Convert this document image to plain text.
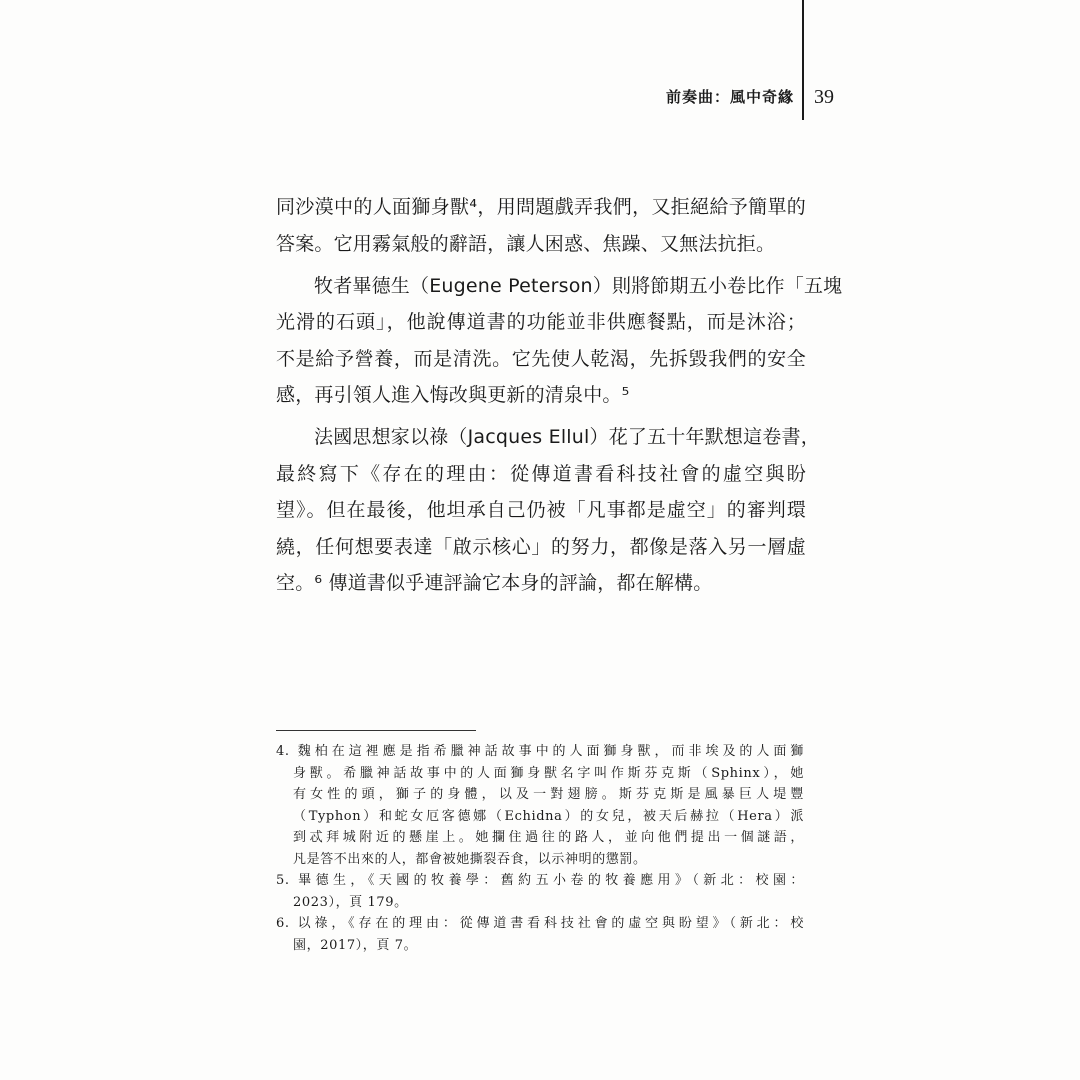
前奏曲：風中奇緣 39
同沙漠中的人面獅身獸⁴，用問題戲弄我們，又拒絕給予簡單的
答案。它用霧氣般的辭語，讓人困惑、焦躁、又無法抗拒。
牧者畢德生（Eugene Peterson）則將節期五小卷比作「五塊
光滑的石頭」，他說傳道書的功能並非供應餐點，而是沐浴；
不是給予營養，而是清洗。它先使人乾渴，先拆毀我們的安全
感，再引領人進入悔改與更新的清泉中。⁵
法國思想家以祿（Jacques Ellul）花了五十年默想這卷書，
最終寫下《存在的理由：從傳道書看科技社會的虛空與盼
望》。但在最後，他坦承自己仍被「凡事都是虛空」的審判環
繞，任何想要表達「啟示核心」的努力，都像是落入另一層虛
空。⁶ 傳道書似乎連評論它本身的評論，都在解構。
4. 魏柏在這裡應是指希臘神話故事中的人面獅身獸，而非埃及的人面獅
身獸。希臘神話故事中的人面獅身獸名字叫作斯芬克斯（Sphinx），她
有女性的頭，獅子的身體，以及一對翅膀。斯芬克斯是風暴巨人堤豐
（Typhon）和蛇女厄客德娜（Echidna）的女兒，被天后赫拉（Hera）派
到忒拜城附近的懸崖上。她攔住過往的路人，並向他們提出一個謎語，
凡是答不出來的人，都會被她撕裂吞食，以示神明的懲罰。
5. 畢德生，《天國的牧養學：舊約五小卷的牧養應用》（新北：校園：
2023），頁 179。
6. 以祿，《存在的理由：從傳道書看科技社會的虛空與盼望》（新北：校
園，2017），頁 7。
